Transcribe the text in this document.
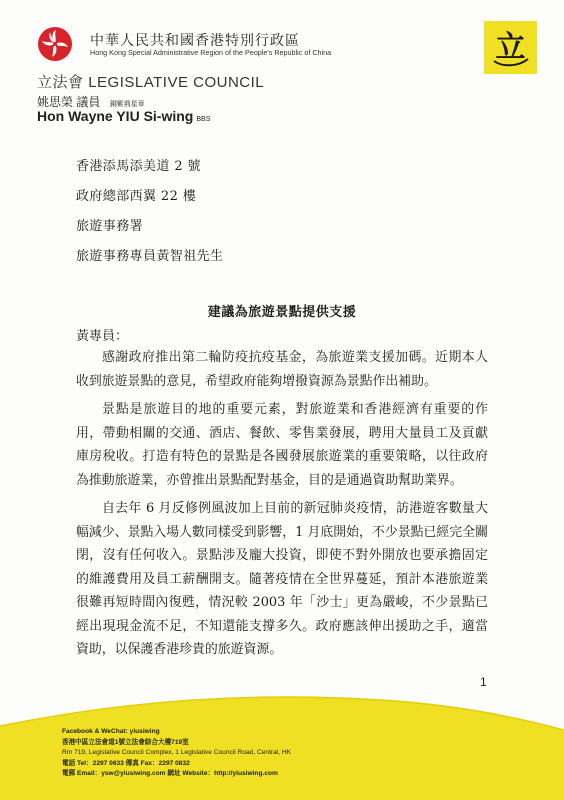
中華人民共和國香港特別行政區
Hong Kong Special Administrative Region of the People's Republic of China	立
立法會 LEGISLATIVE COUNCIL
姚思榮 議員 銅紫荊星章
Hon Wayne YIU Si-wing BBS
香港添馬添美道 2 號
政府總部西翼 22 樓
旅遊事務署
旅遊事務專員黃智祖先生
建議為旅遊景點提供支援
黃專員：

感謝政府推出第二輪防疫抗疫基金，為旅遊業支援加碼。近期本人收到旅遊景點的意見，希望政府能夠增撥資源為景點作出補助。

景點是旅遊目的地的重要元素，對旅遊業和香港經濟有重要的作用，帶動相關的交通、酒店、餐飲、零售業發展，聘用大量員工及貢獻庫房稅收。打造有特色的景點是各國發展旅遊業的重要策略，以往政府為推動旅遊業，亦曾推出景點配對基金，目的是通過資助幫助業界。

自去年 6 月反修例風波加上目前的新冠肺炎疫情，訪港遊客數量大幅減少、景點入場人數同樣受到影響，1 月底開始，不少景點已經完全關閉，沒有任何收入。景點涉及龐大投資，即使不對外開放也要承擔固定的維護費用及員工薪酬開支。隨著疫情在全世界蔓延，預計本港旅遊業很難再短時間內復甦，情況較 2003 年「沙士」更為嚴峻，不少景點已經出現現金流不足，不知還能支撐多久。政府應該伸出援助之手，適當資助，以保護香港珍貴的旅遊資源。

1
Facebook & WeChat: yiusiwing
香港中區立法會道1號立法會綜合大樓719室
Rm 719, Legislative Council Complex, 1 Legislative Council Road, Central, HK
電話 Tel：2297 0633 傳真 Fax：2297 0832
電郵 Email：ysw@yiusiwing.com 網址 Website：http://yiusiwing.com
